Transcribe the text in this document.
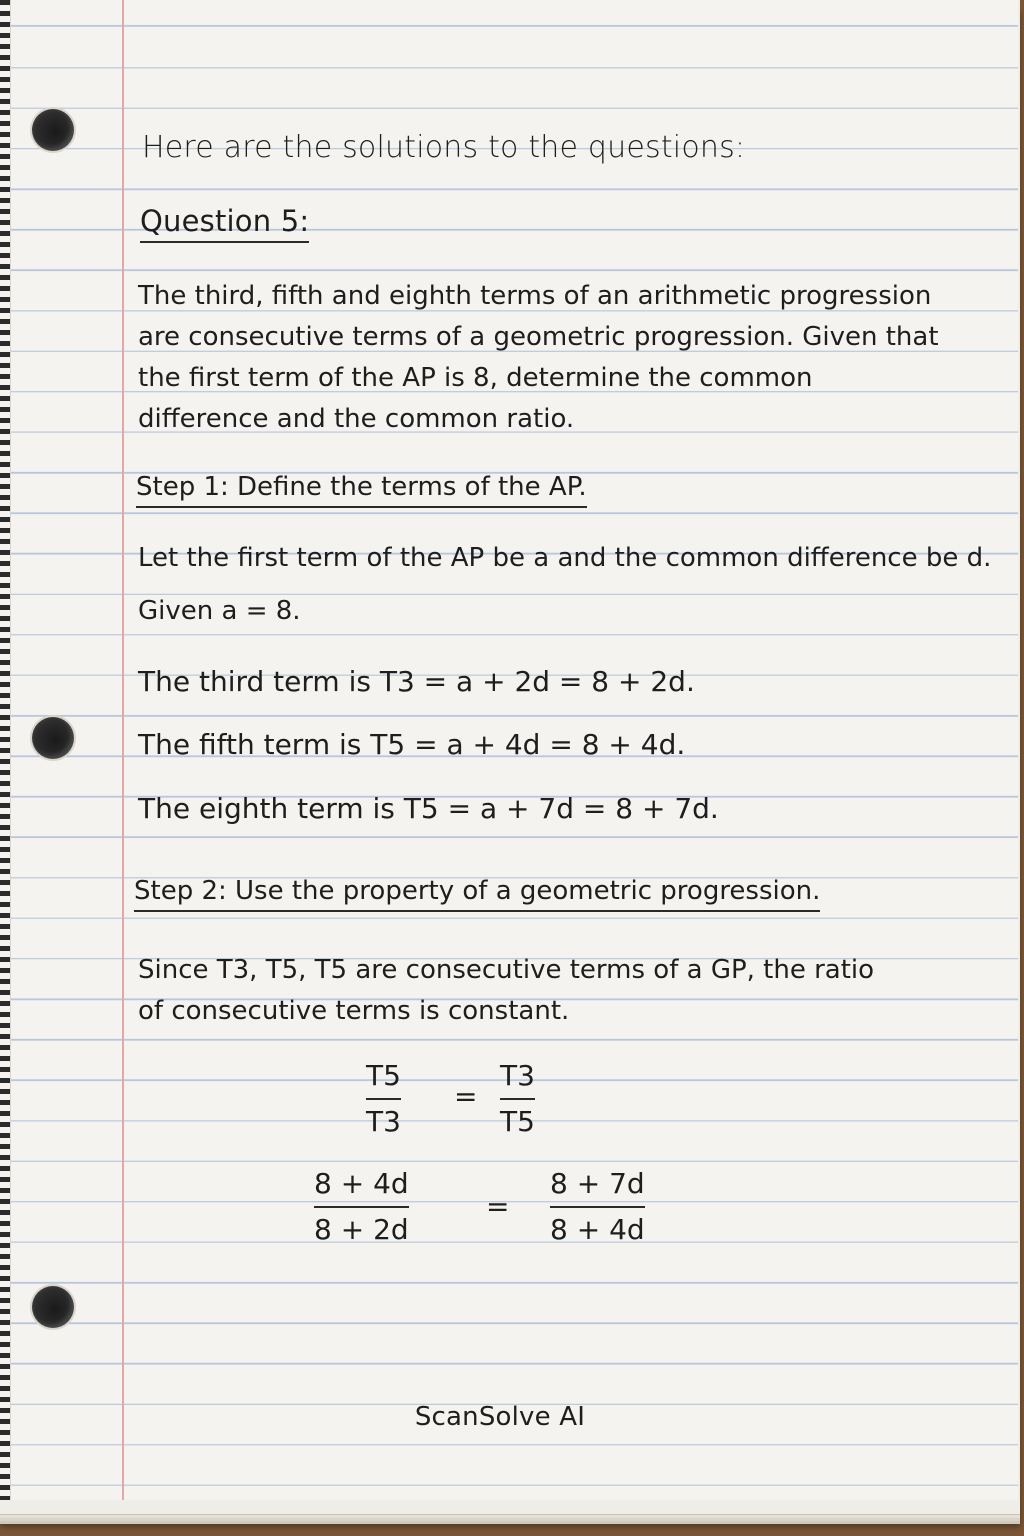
Here are the solutions to the questions:

Question 5:

The third, fifth and eighth terms of an arithmetic progression
are consecutive terms of a geometric progression. Given that
the first term of the AP is 8, determine the common
difference and the common ratio.

Step 1: Define the terms of the AP.

Let the first term of the AP be a and the common difference be d.

Given a = 8.

The third term is T3 = a + 2d = 8 + 2d.

The fifth term is T5 = a + 4d = 8 + 4d.

The eighth term is T5 = a + 7d = 8 + 7d.

Step 2: Use the property of a geometric progression.

Since T3, T5, T5 are consecutive terms of a GP, the ratio
of consecutive terms is constant.

T5
T3
=
T3
T5
8 + 4d
8 + 2d
=
8 + 7d
8 + 4d

ScanSolve AI
